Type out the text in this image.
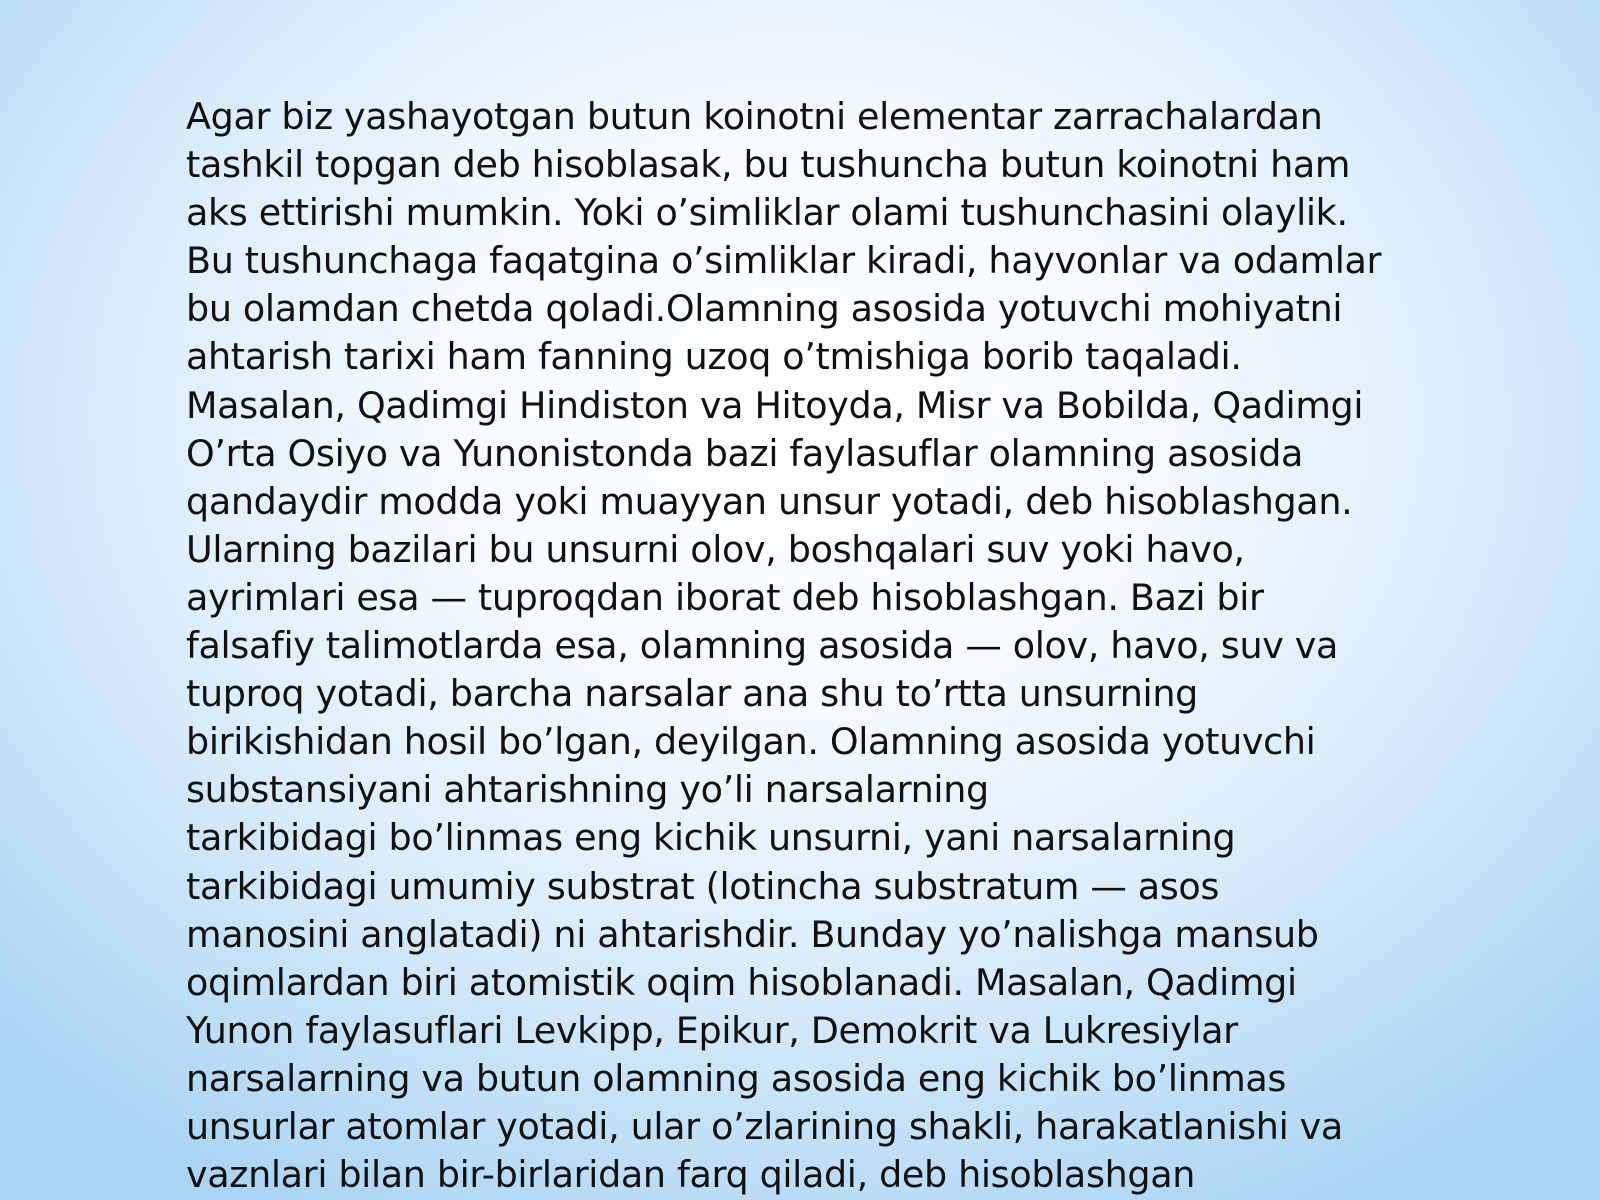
Agar biz yashayotgan butun koinotni elementar zarrachalardan
tashkil topgan deb hisoblasak, bu tushuncha butun koinotni ham
aks ettirishi mumkin. Yoki o’simliklar olami tushunchasini olaylik.
Bu tushunchaga faqatgina o’simliklar kiradi, hayvonlar va odamlar
bu olamdan chetda qoladi.Olamning asosida yotuvchi mohiyatni
ahtarish tarixi ham fanning uzoq o’tmishiga borib taqaladi.
Masalan, Qadimgi Hindiston va Hitoyda, Misr va Bobilda, Qadimgi
O’rta Osiyo va Yunonistonda bazi faylasuflar olamning asosida
qandaydir modda yoki muayyan unsur yotadi, deb hisoblashgan.
Ularning bazilari bu unsurni olov, boshqalari suv yoki havo,
ayrimlari esa — tuproqdan iborat deb hisoblashgan. Bazi bir
falsafiy talimotlarda esa, olamning asosida — olov, havo, suv va
tuproq yotadi, barcha narsalar ana shu to’rtta unsurning
birikishidan hosil bo’lgan, deyilgan. Olamning asosida yotuvchi
substansiyani ahtarishning yo’li narsalarning
tarkibidagi bo’linmas eng kichik unsurni, yani narsalarning
tarkibidagi umumiy substrat (lotincha substratum — asos
manosini anglatadi) ni ahtarishdir. Bunday yo’nalishga mansub
oqimlardan biri atomistik oqim hisoblanadi. Masalan, Qadimgi
Yunon faylasuflari Levkipp, Epikur, Demokrit va Lukresiylar
narsalarning va butun olamning asosida eng kichik bo’linmas
unsurlar atomlar yotadi, ular o’zlarining shakli, harakatlanishi va
vaznlari bilan bir-birlaridan farq qiladi, deb hisoblashgan
